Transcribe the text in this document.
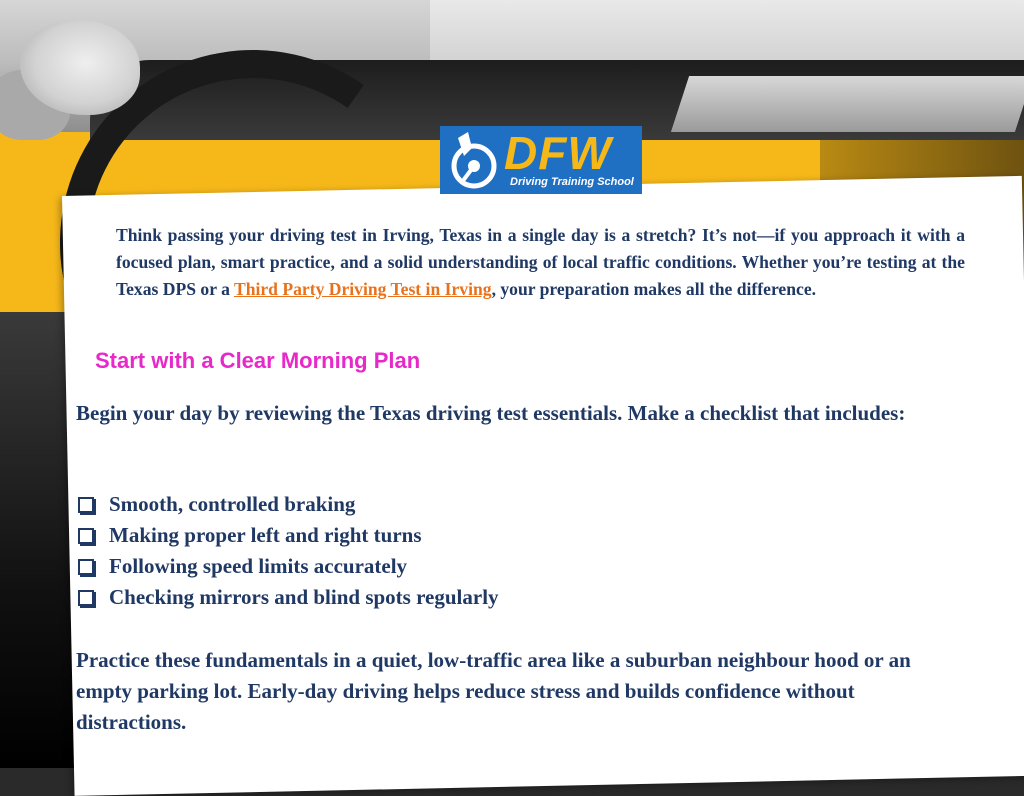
DFW
Driving Training School

Think passing your driving test in Irving, Texas in a single day is a stretch? It’s not—if you approach it with a focused plan, smart practice, and a solid understanding of local traffic conditions. Whether you’re testing at the Texas DPS or a Third Party Driving Test in Irving, your preparation makes all the difference.

Start with a Clear Morning Plan

Begin your day by reviewing the Texas driving test essentials. Make a checklist that includes:

Smooth, controlled braking
Making proper left and right turns
Following speed limits accurately
Checking mirrors and blind spots regularly

Practice these fundamentals in a quiet, low-traffic area like a suburban neighbour hood or an empty parking lot. Early-day driving helps reduce stress and builds confidence without distractions.
